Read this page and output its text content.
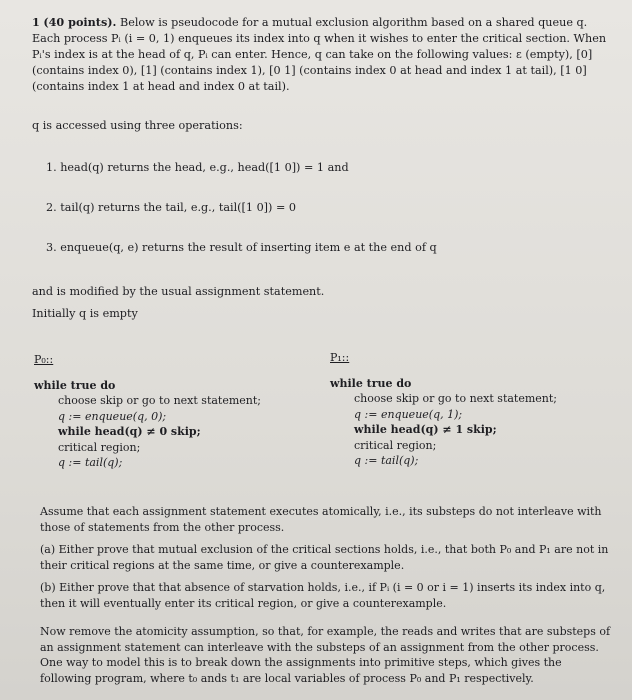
1 (40 points). Below is pseudocode for a mutual exclusion algorithm based on a shared queue q. Each process Pᵢ (i = 0, 1) enqueues its index into q when it wishes to enter the critical section. When Pᵢ's index is at the head of q, Pᵢ can enter. Hence, q can take on the following values: ε (empty), [0] (contains index 0), [1] (contains index 1), [0 1] (contains index 0 at head and index 1 at tail), [1 0] (contains index 1 at head and index 0 at tail).

q is accessed using three operations:

1. head(q) returns the head, e.g., head([1 0]) = 1 and
2. tail(q) returns the tail, e.g., tail([1 0]) = 0
3. enqueue(q, e) returns the result of inserting item e at the end of q

and is modified by the usual assignment statement.

Initially q is empty

P₀::
while true do
choose skip or go to next statement;
q := enqueue(q, 0);
while head(q) ≠ 0 skip;
critical region;
q := tail(q);
P₁::
while true do
choose skip or go to next statement;
q := enqueue(q, 1);
while head(q) ≠ 1 skip;
critical region;
q := tail(q);

Assume that each assignment statement executes atomically, i.e., its substeps do not interleave with those of statements from the other process.

(a) Either prove that mutual exclusion of the critical sections holds, i.e., that both P₀ and P₁ are not in their critical regions at the same time, or give a counterexample.

(b) Either prove that that absence of starvation holds, i.e., if Pᵢ (i = 0 or i = 1) inserts its index into q, then it will eventually enter its critical region, or give a counterexample.

Now remove the atomicity assumption, so that, for example, the reads and writes that are substeps of an assignment statement can interleave with the substeps of an assignment from the other process. One way to model this is to break down the assignments into primitive steps, which gives the following program, where t₀ ands t₁ are local variables of process P₀ and P₁ respectively.
